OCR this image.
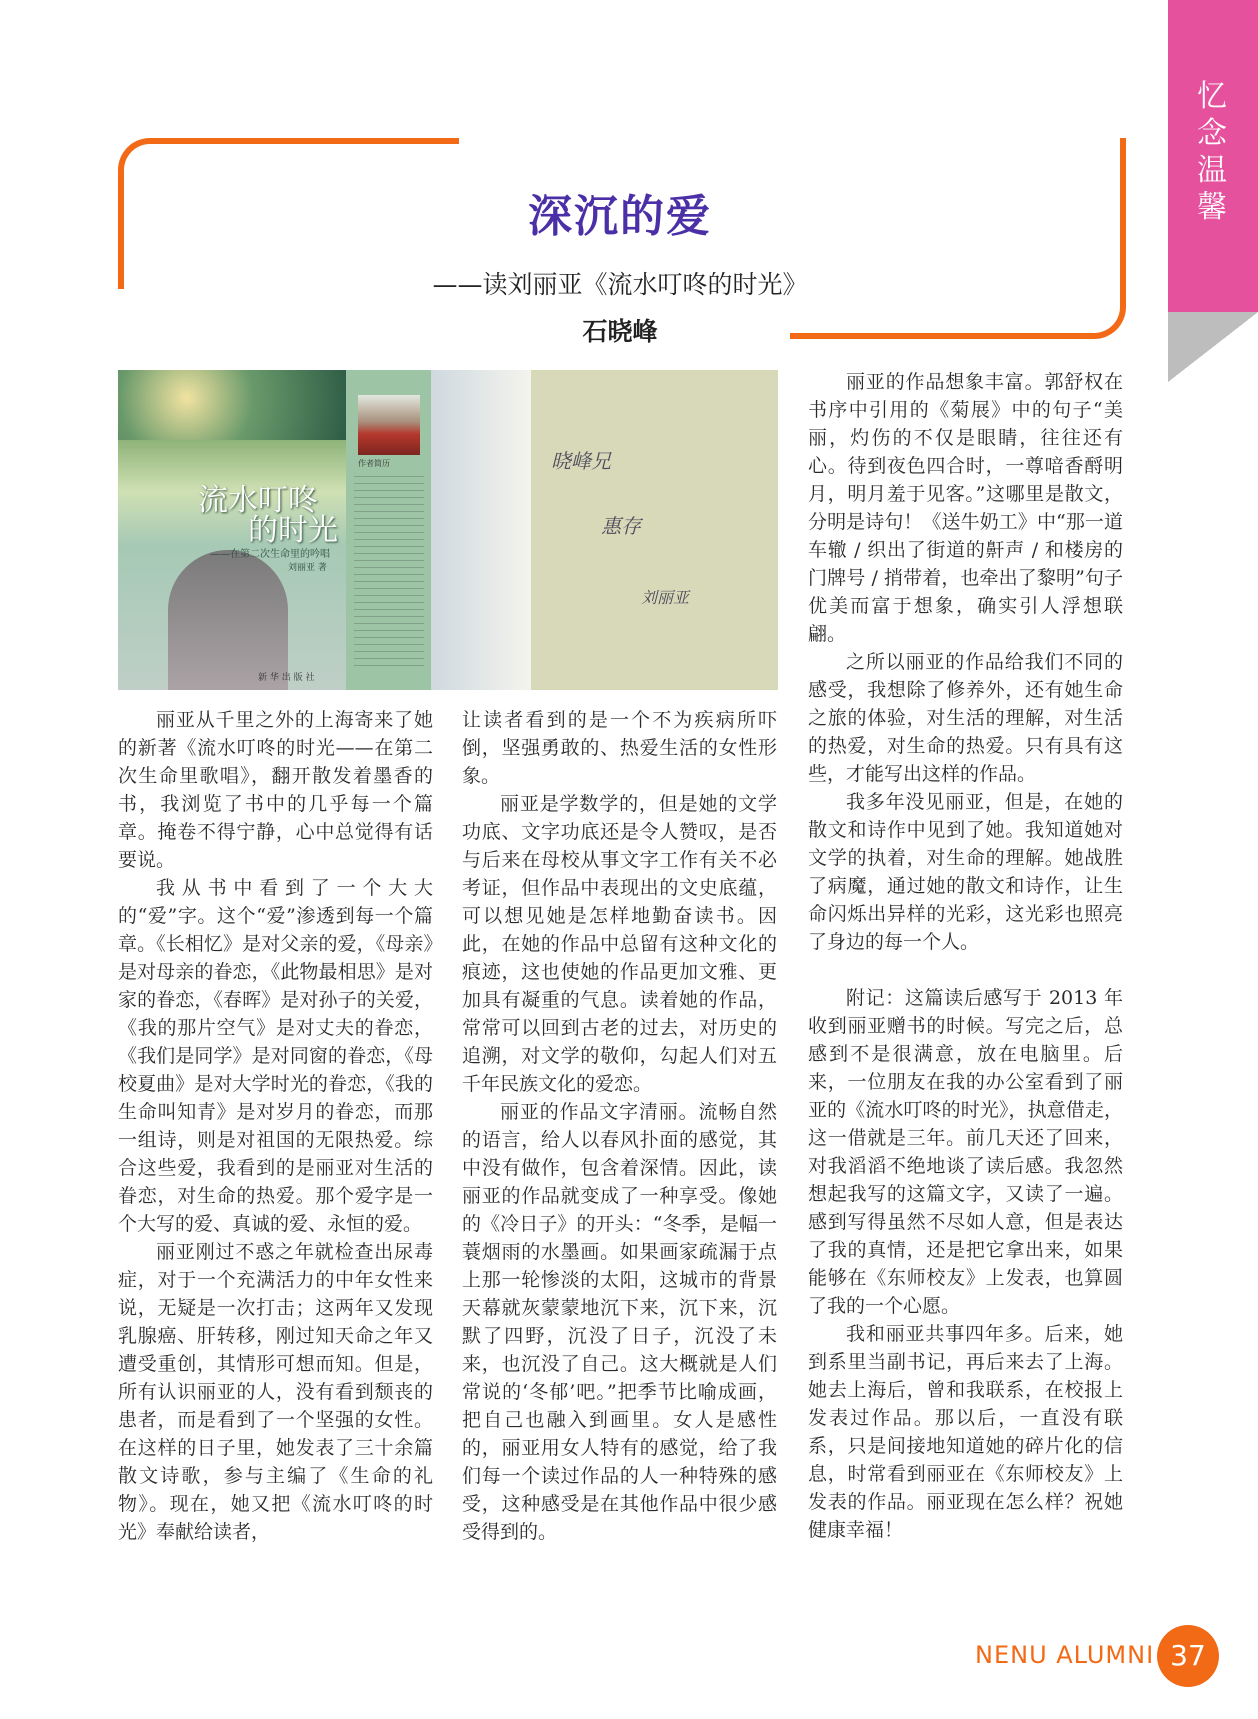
忆
念
温
馨
深沉的爱
——读刘丽亚《流水叮咚的时光》
石晓峰
流水叮咚
的时光
——在第二次生命里的吟唱
刘丽亚 著
新 华 出 版 社
作者简历	晓峰兄
惠存
刘丽亚

丽亚从千里之外的上海寄来了她的新著《流水叮咚的时光——在第二次生命里歌唱》，翻开散发着墨香的书，我浏览了书中的几乎每一个篇章。掩卷不得宁静，心中总觉得有话要说。

我从书中看到了一个大大的“爱”字。这个“爱”渗透到每一个篇章。《长相忆》是对父亲的爱，《母亲》是对母亲的眷恋，《此物最相思》是对家的眷恋，《春晖》是对孙子的关爱，《我的那片空气》是对丈夫的眷恋，《我们是同学》是对同窗的眷恋，《母校夏曲》是对大学时光的眷恋，《我的生命叫知青》是对岁月的眷恋，而那一组诗，则是对祖国的无限热爱。综合这些爱，我看到的是丽亚对生活的眷恋，对生命的热爱。那个爱字是一个大写的爱、真诚的爱、永恒的爱。

丽亚刚过不惑之年就检查出尿毒症，对于一个充满活力的中年女性来说，无疑是一次打击；这两年又发现乳腺癌、肝转移，刚过知天命之年又遭受重创，其情形可想而知。但是，所有认识丽亚的人，没有看到颓丧的患者，而是看到了一个坚强的女性。在这样的日子里，她发表了三十余篇散文诗歌，参与主编了《生命的礼物》。现在，她又把《流水叮咚的时光》奉献给读者，

让读者看到的是一个不为疾病所吓倒，坚强勇敢的、热爱生活的女性形象。

丽亚是学数学的，但是她的文学功底、文字功底还是令人赞叹，是否与后来在母校从事文字工作有关不必考证，但作品中表现出的文史底蕴，可以想见她是怎样地勤奋读书。因此，在她的作品中总留有这种文化的痕迹，这也使她的作品更加文雅、更加具有凝重的气息。读着她的作品，常常可以回到古老的过去，对历史的追溯，对文学的敬仰，勾起人们对五千年民族文化的爱恋。

丽亚的作品文字清丽。流畅自然的语言，给人以春风扑面的感觉，其中没有做作，包含着深情。因此，读丽亚的作品就变成了一种享受。像她的《冷日子》的开头：“冬季，是幅一蓑烟雨的水墨画。如果画家疏漏于点上那一轮惨淡的太阳，这城市的背景天幕就灰蒙蒙地沉下来，沉下来，沉默了四野，沉没了日子，沉没了未来，也沉没了自己。这大概就是人们常说的‘冬郁’吧。”把季节比喻成画，把自己也融入到画里。女人是感性的，丽亚用女人特有的感觉，给了我们每一个读过作品的人一种特殊的感受，这种感受是在其他作品中很少感受得到的。

丽亚的作品想象丰富。郭舒权在书序中引用的《菊展》中的句子“美丽，灼伤的不仅是眼睛，往往还有心。待到夜色四合时，一尊喑香酹明月，明月羞于见客。”这哪里是散文，分明是诗句！《送牛奶工》中“那一道车辙 / 织出了街道的鼾声 / 和楼房的门牌号 / 捎带着，也牵出了黎明”句子优美而富于想象，确实引人浮想联翩。

之所以丽亚的作品给我们不同的感受，我想除了修养外，还有她生命之旅的体验，对生活的理解，对生活的热爱，对生命的热爱。只有具有这些，才能写出这样的作品。

我多年没见丽亚，但是，在她的散文和诗作中见到了她。我知道她对文学的执着，对生命的理解。她战胜了病魔，通过她的散文和诗作，让生命闪烁出异样的光彩，这光彩也照亮了身边的每一个人。

附记：这篇读后感写于 2013 年收到丽亚赠书的时候。写完之后，总感到不是很满意，放在电脑里。后来，一位朋友在我的办公室看到了丽亚的《流水叮咚的时光》，执意借走，这一借就是三年。前几天还了回来，对我滔滔不绝地谈了读后感。我忽然想起我写的这篇文字，又读了一遍。感到写得虽然不尽如人意，但是表达了我的真情，还是把它拿出来，如果能够在《东师校友》上发表，也算圆了我的一个心愿。

我和丽亚共事四年多。后来，她到系里当副书记，再后来去了上海。她去上海后，曾和我联系，在校报上发表过作品。那以后，一直没有联系，只是间接地知道她的碎片化的信息，时常看到丽亚在《东师校友》上发表的作品。丽亚现在怎么样？祝她健康幸福！

NENU ALUMNI 37
